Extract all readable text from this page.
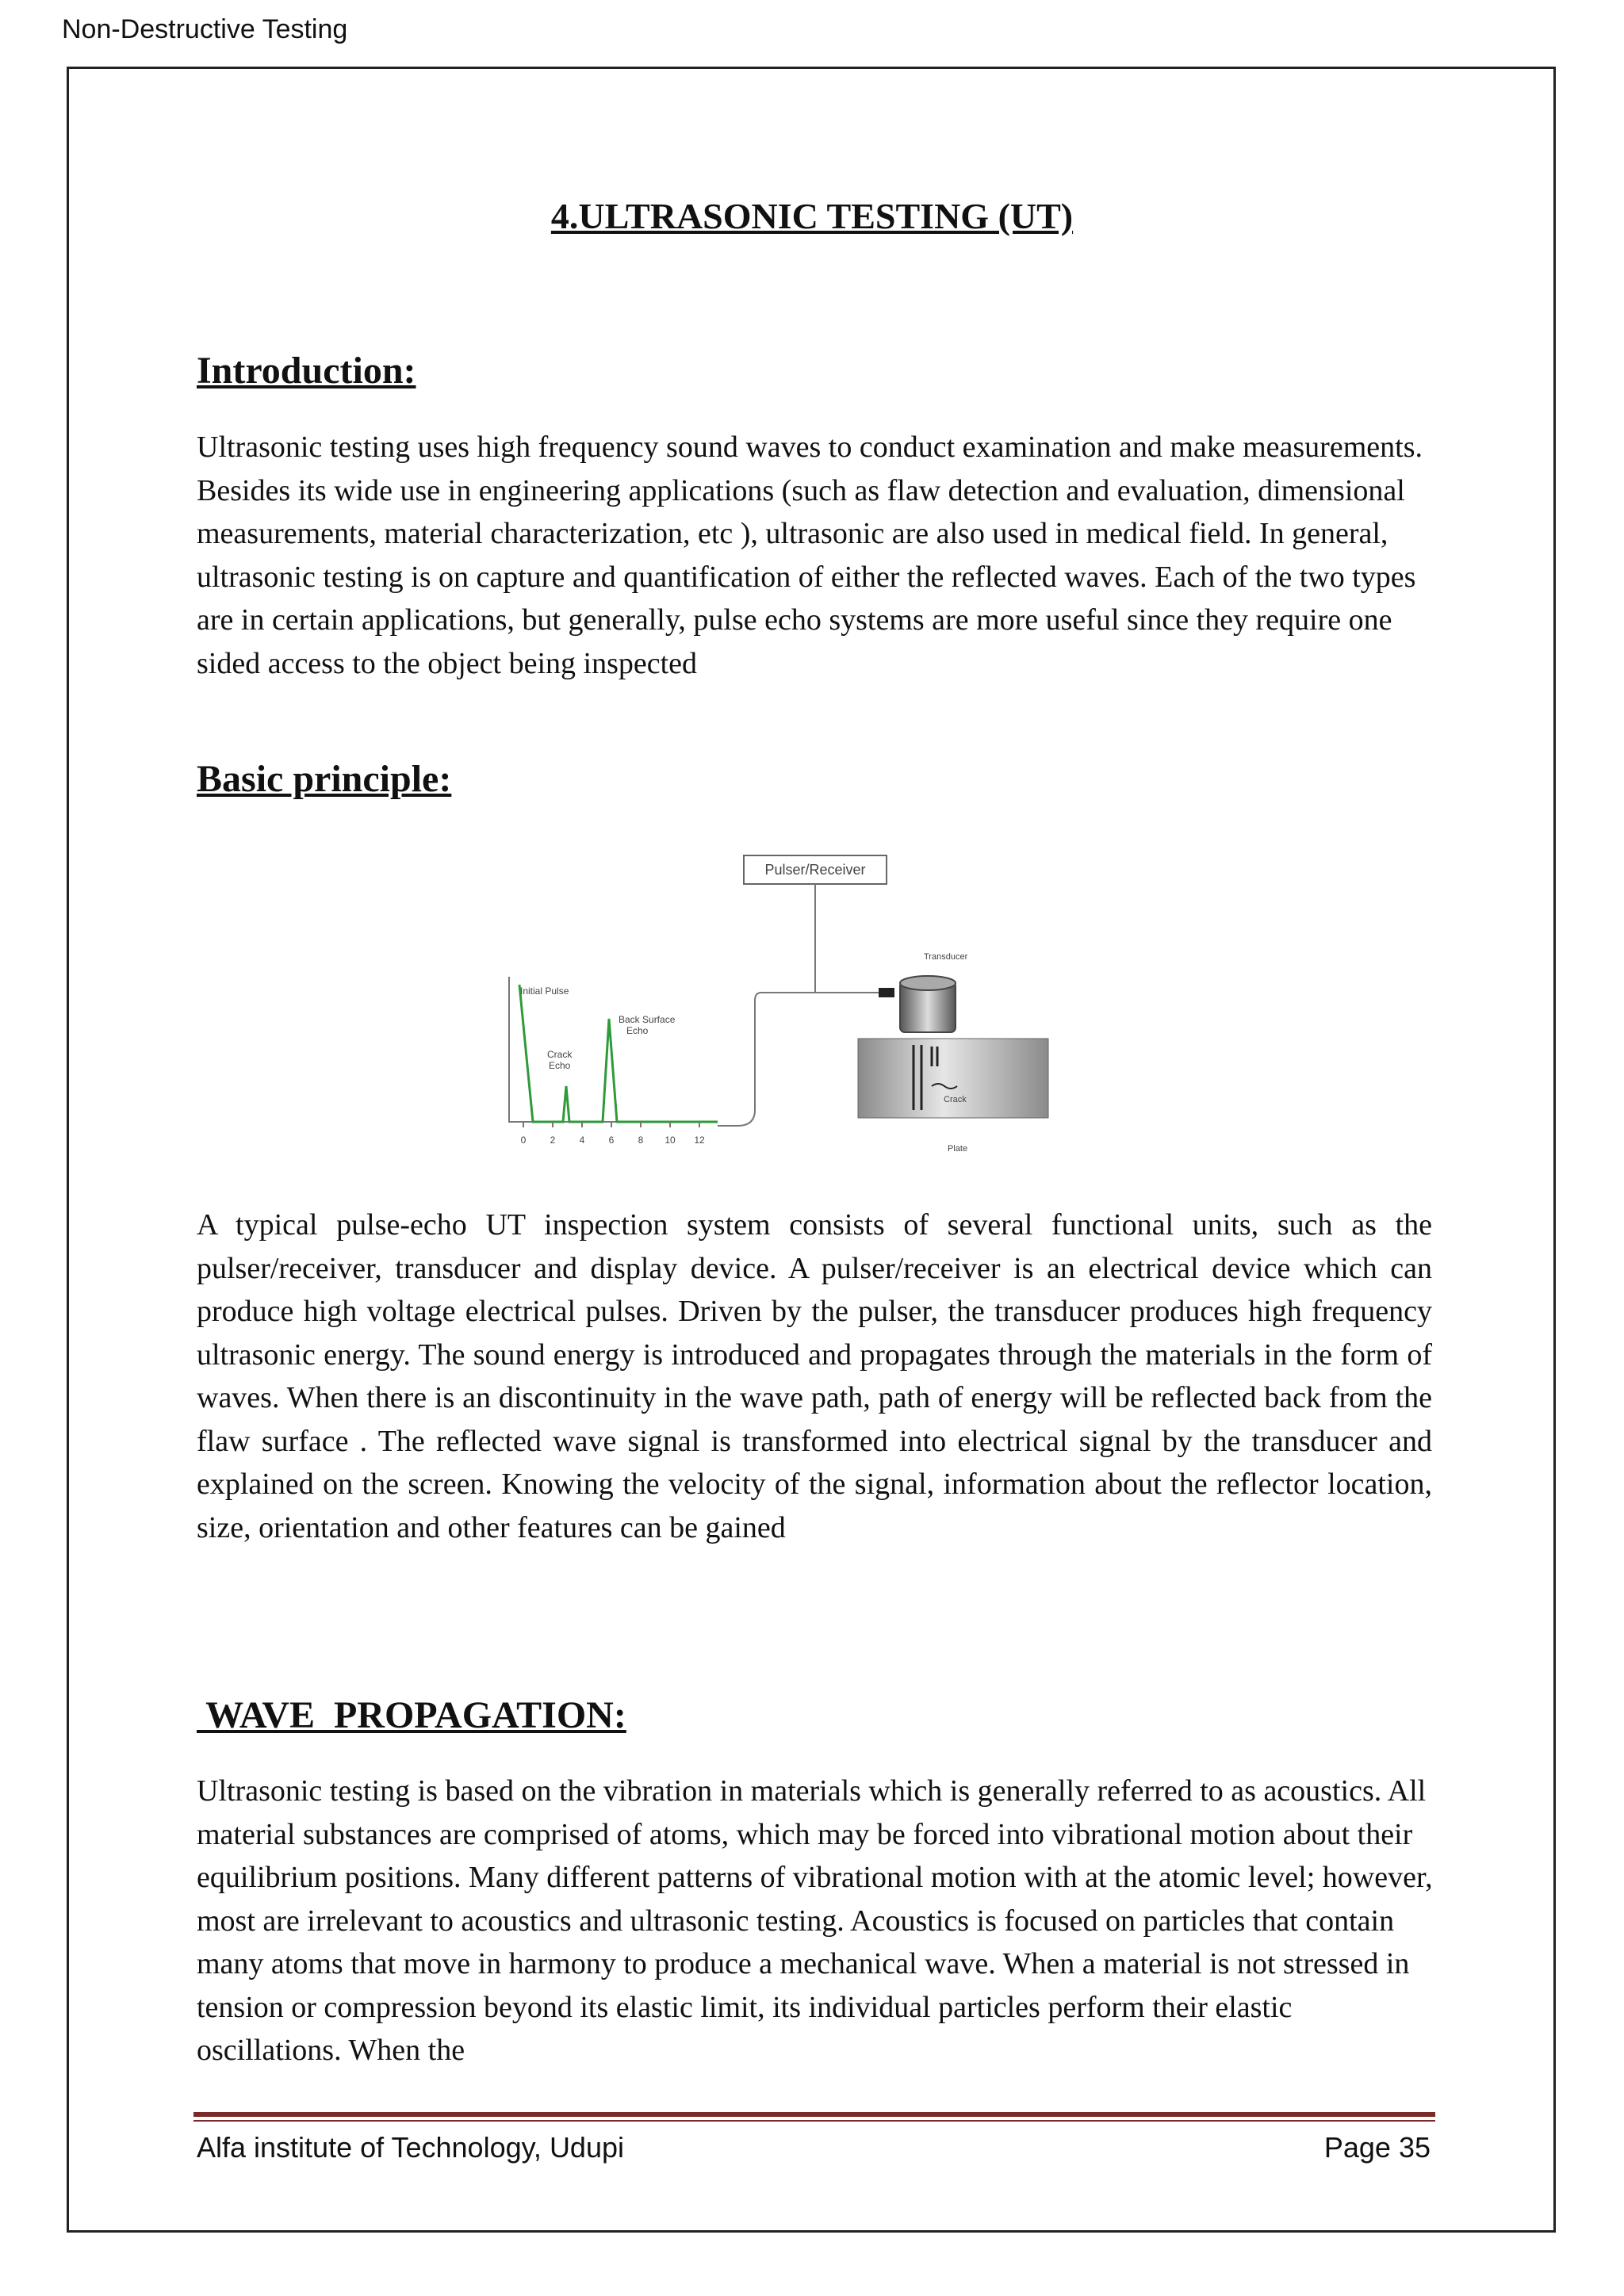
Non-Destructive Testing
4.ULTRASONIC TESTING (UT)
Introduction:
Ultrasonic testing uses high frequency sound waves to conduct examination and make measurements. Besides its wide use in engineering applications (such as flaw detection and evaluation, dimensional measurements, material characterization, etc ), ultrasonic are also used in medical field. In general, ultrasonic testing is on capture and quantification of either the reflected waves. Each of the two types are in certain applications, but generally, pulse echo systems are more useful since they require one sided access to the object being inspected
Basic principle:
Pulser/Receiver
Initial Pulse
Crack
Echo
Back Surface
Echo
0	2	4	6	8 10 12
Transducer
Crack
Plate
A typical pulse-echo UT inspection system consists of several functional units, such as the pulser/receiver, transducer and display device. A pulser/receiver is an electrical device which can produce high voltage electrical pulses. Driven by the pulser, the transducer produces high frequency ultrasonic energy. The sound energy is introduced and propagates through the materials in the form of waves. When there is an discontinuity in the wave path, path of energy will be reflected back from the flaw surface . The reflected wave signal is transformed into electrical signal by the transducer and explained on the screen. Knowing the velocity of the signal, information about the reflector location, size, orientation and other features can be gained
WAVE  PROPAGATION:
Ultrasonic testing is based on the vibration in materials which is generally referred to as acoustics. All material substances are comprised of atoms, which may be forced into vibrational motion about their equilibrium positions. Many different patterns of vibrational motion with at the atomic level; however, most are irrelevant to acoustics and ultrasonic testing. Acoustics is focused on particles that contain many atoms that move in harmony to produce a mechanical wave. When a material is not stressed in tension or compression beyond its elastic limit, its individual particles perform their elastic oscillations. When the
Alfa institute of Technology, Udupi	Page 35
